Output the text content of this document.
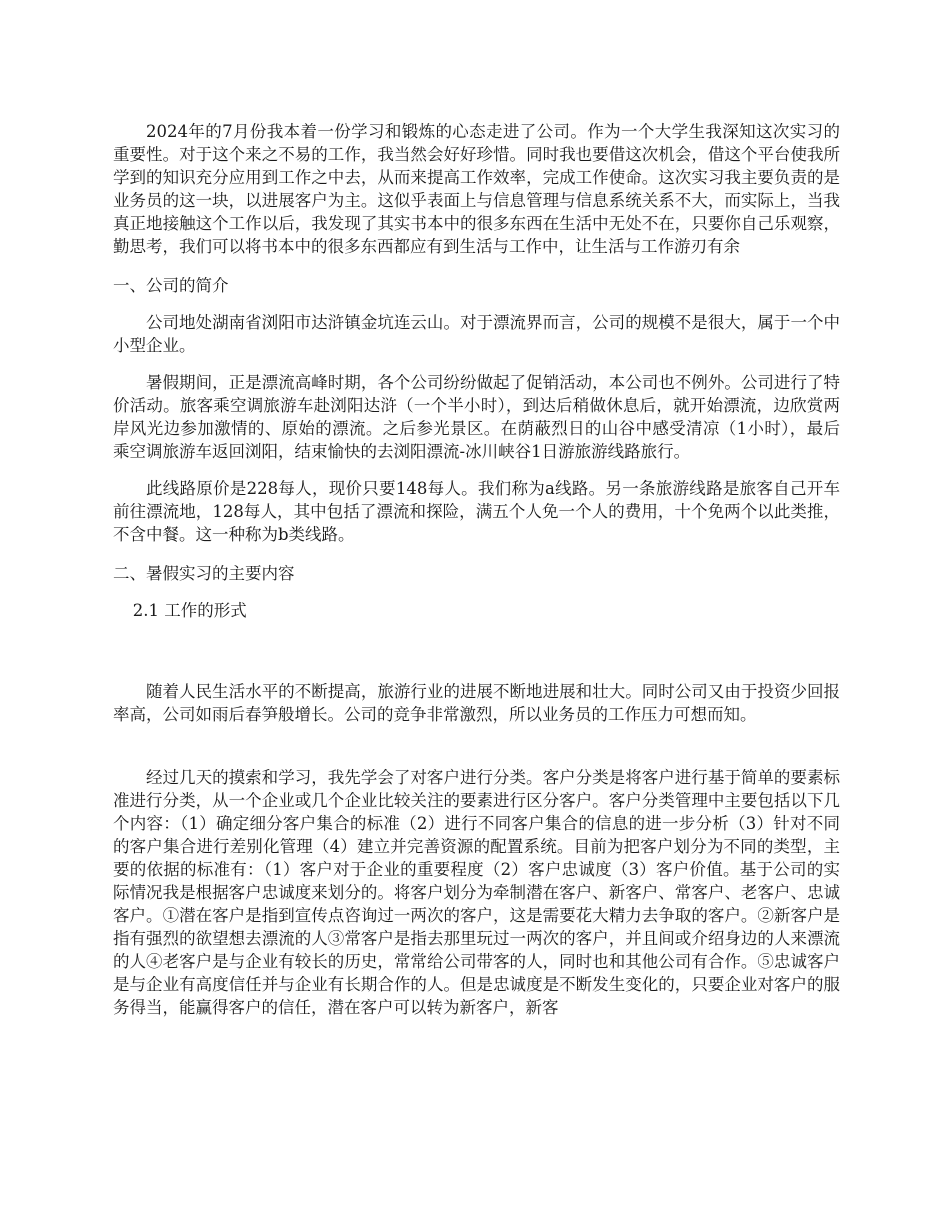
2024年的7月份我本着一份学习和锻炼的心态走进了公司。作为一个大学生我深知这次实习的重要性。对于这个来之不易的工作，我当然会好好珍惜。同时我也要借这次机会，借这个平台使我所学到的知识充分应用到工作之中去，从而来提高工作效率，完成工作使命。这次实习我主要负责的是业务员的这一块，以进展客户为主。这似乎表面上与信息管理与信息系统关系不大，而实际上，当我真正地接触这个工作以后，我发现了其实书本中的很多东西在生活中无处不在，只要你自己乐观察，勤思考，我们可以将书本中的很多东西都应有到生活与工作中，让生活与工作游刃有余

一、公司的简介

公司地处湖南省浏阳市达浒镇金坑连云山。对于漂流界而言，公司的规模不是很大，属于一个中小型企业。

暑假期间，正是漂流高峰时期，各个公司纷纷做起了促销活动，本公司也不例外。公司进行了特价活动。旅客乘空调旅游车赴浏阳达浒（一个半小时），到达后稍做休息后，就开始漂流，边欣赏两岸风光边参加激情的、原始的漂流。之后参光景区。在荫蔽烈日的山谷中感受清凉（1小时），最后乘空调旅游车返回浏阳，结束愉快的去浏阳漂流-冰川峡谷1日游旅游线路旅行。

此线路原价是228每人，现价只要148每人。我们称为a线路。另一条旅游线路是旅客自己开车前往漂流地，128每人，其中包括了漂流和探险，满五个人免一个人的费用，十个免两个以此类推，不含中餐。这一种称为b类线路。

二、暑假实习的主要内容

2.1 工作的形式

随着人民生活水平的不断提高，旅游行业的进展不断地进展和壮大。同时公司又由于投资少回报率高，公司如雨后春笋般增长。公司的竞争非常激烈，所以业务员的工作压力可想而知。

经过几天的摸索和学习，我先学会了对客户进行分类。客户分类是将客户进行基于简单的要素标准进行分类，从一个企业或几个企业比较关注的要素进行区分客户。客户分类管理中主要包括以下几个内容：（1）确定细分客户集合的标准（2）进行不同客户集合的信息的进一步分析（3）针对不同的客户集合进行差别化管理（4）建立并完善资源的配置系统。目前为把客户划分为不同的类型，主要的依据的标准有：（1）客户对于企业的重要程度（2）客户忠诚度（3）客户价值。基于公司的实际情况我是根据客户忠诚度来划分的。将客户划分为牵制潜在客户、新客户、常客户、老客户、忠诚客户。①潜在客户是指到宣传点咨询过一两次的客户，这是需要花大精力去争取的客户。②新客户是指有强烈的欲望想去漂流的人③常客户是指去那里玩过一两次的客户，并且间或介绍身边的人来漂流的人④老客户是与企业有较长的历史，常常给公司带客的人，同时也和其他公司有合作。⑤忠诚客户是与企业有高度信任并与企业有长期合作的人。但是忠诚度是不断发生变化的，只要企业对客户的服务得当，能赢得客户的信任，潜在客户可以转为新客户，新客
